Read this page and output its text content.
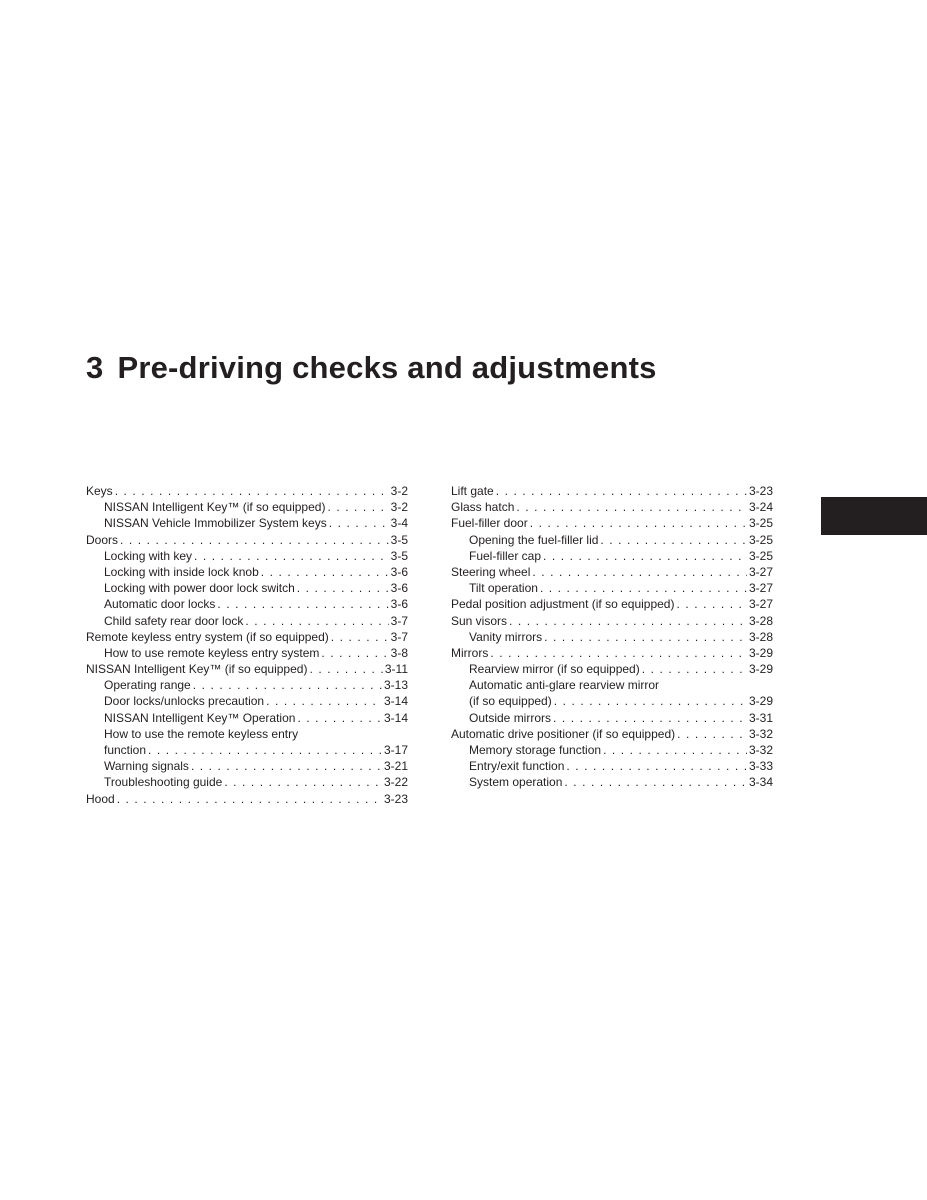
3 Pre-driving checks and adjustments
Keys . . .	3-2
NISSAN Intelligent Key™ (if so equipped) . . .	3-2
NISSAN Vehicle Immobilizer System keys . . .	3-4
Doors . . .	3-5
Locking with key . . .	3-5
Locking with inside lock knob . . .	3-6
Locking with power door lock switch . . .	3-6
Automatic door locks . . .	3-6
Child safety rear door lock . . .	3-7
Remote keyless entry system (if so equipped) . . .	3-7
How to use remote keyless entry system . . .	3-8
NISSAN Intelligent Key™ (if so equipped) . . .	3-11
Operating range . . .	3-13
Door locks/unlocks precaution . . .	3-14
NISSAN Intelligent Key™ Operation . . .	3-14
How to use the remote keyless entry
function . . .	3-17
Warning signals . . .	3-21
Troubleshooting guide . . .	3-22
Hood . . .	3-23
Lift gate . . .	3-23
Glass hatch . . .	3-24
Fuel-filler door . . .	3-25
Opening the fuel-filler lid . . .	3-25
Fuel-filler cap . . .	3-25
Steering wheel . . .	3-27
Tilt operation . . .	3-27
Pedal position adjustment (if so equipped) . . .	3-27
Sun visors . . .	3-28
Vanity mirrors . . .	3-28
Mirrors . . .	3-29
Rearview mirror (if so equipped) . . .	3-29
Automatic anti-glare rearview mirror
(if so equipped) . . .	3-29
Outside mirrors . . .	3-31
Automatic drive positioner (if so equipped) . . .	3-32
Memory storage function . . .	3-32
Entry/exit function . . .	3-33
System operation . . .	3-34
